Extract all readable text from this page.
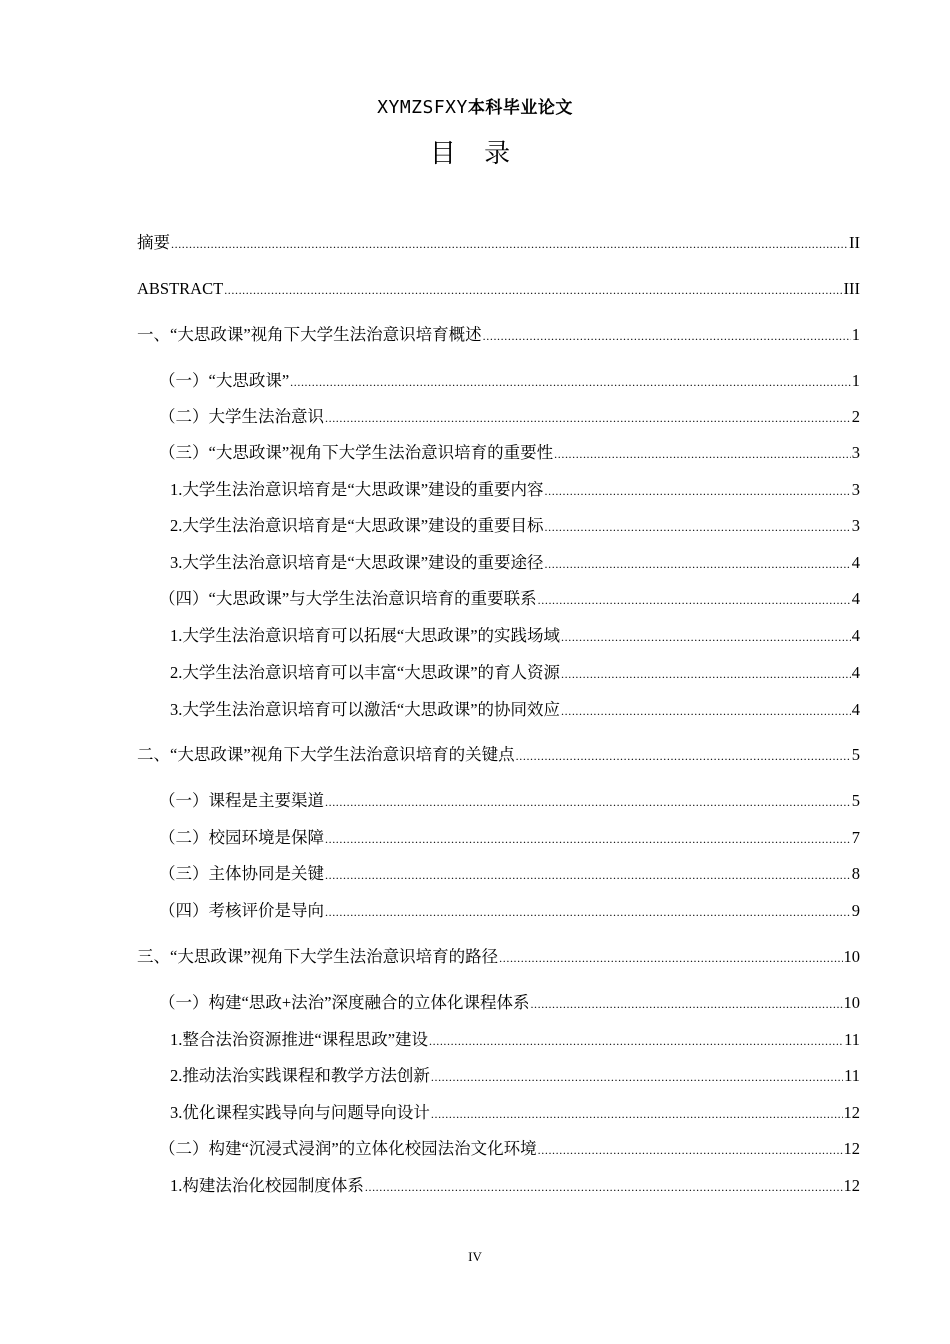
XYMZSFXY本科毕业论文
目 录
摘要 .....	II
ABSTRACT .....	III
一、“大思政课”视角下大学生法治意识培育概述 .....	1
（一）“大思政课” .....	1
（二）大学生法治意识 .....	2
（三）“大思政课”视角下大学生法治意识培育的重要性 .....	3
1.大学生法治意识培育是“大思政课”建设的重要内容 .....	3
2.大学生法治意识培育是“大思政课”建设的重要目标 .....	3
3.大学生法治意识培育是“大思政课”建设的重要途径 .....	4
（四）“大思政课”与大学生法治意识培育的重要联系 .....	4
1.大学生法治意识培育可以拓展“大思政课”的实践场域 .....	4
2.大学生法治意识培育可以丰富“大思政课”的育人资源 .....	4
3.大学生法治意识培育可以激活“大思政课”的协同效应 .....	4
二、“大思政课”视角下大学生法治意识培育的关键点 .....	5
（一）课程是主要渠道 .....	5
（二）校园环境是保障 .....	7
（三）主体协同是关键 .....	8
（四）考核评价是导向 .....	9
三、“大思政课”视角下大学生法治意识培育的路径 .....	10
（一）构建“思政+法治”深度融合的立体化课程体系 .....	10
1.整合法治资源推进“课程思政”建设 .....	11
2.推动法治实践课程和教学方法创新 .....	11
3.优化课程实践导向与问题导向设计 .....	12
（二）构建“沉浸式浸润”的立体化校园法治文化环境 .....	12
1.构建法治化校园制度体系 .....	12
IV
